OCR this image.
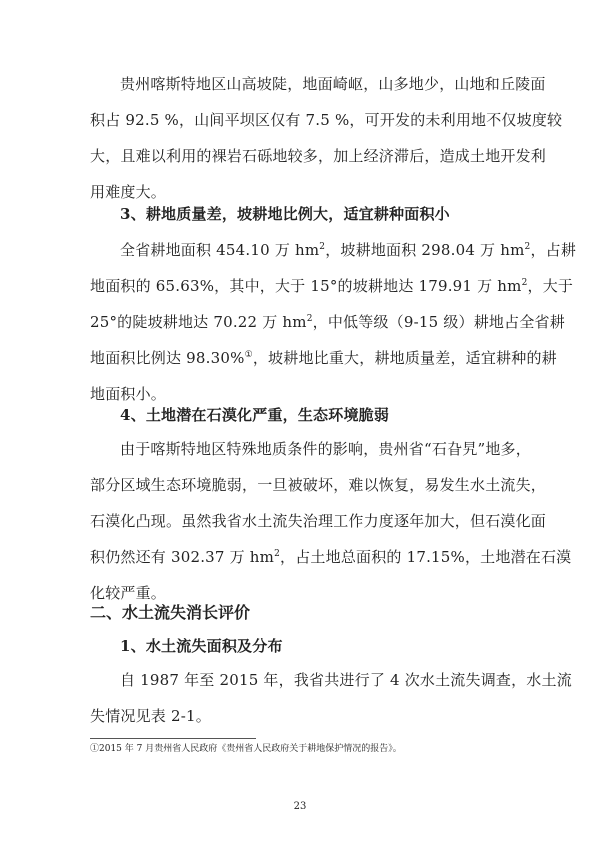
贵州喀斯特地区山高坡陡，地面崎岖，山多地少，山地和丘陵面
积占 92.5 %，山间平坝区仅有 7.5 %，可开发的未利用地不仅坡度较
大，且难以利用的裸岩石砾地较多，加上经济滞后，造成土地开发利
用难度大。
3、耕地质量差，坡耕地比例大，适宜耕种面积小
全省耕地面积 454.10 万 $hm^2$，坡耕地面积 298.04 万 $hm^2$，占耕
地面积的 65.63%，其中，大于 15°的坡耕地达 179.91 万 $hm^2$，大于
25°的陡坡耕地达 70.22 万 $hm^2$，中低等级（9-15 级）耕地占全省耕
地面积比例达 98.30%①，坡耕地比重大，耕地质量差，适宜耕种的耕
地面积小。
4、土地潜在石漠化严重，生态环境脆弱
由于喀斯特地区特殊地质条件的影响，贵州省“石旮旯”地多，
部分区域生态环境脆弱，一旦被破坏，难以恢复，易发生水土流失，
石漠化凸现。虽然我省水土流失治理工作力度逐年加大，但石漠化面
积仍然还有 302.37 万 $hm^2$，占土地总面积的 17.15%，土地潜在石漠
化较严重。
二、水土流失消长评价
1、水土流失面积及分布
自 1987 年至 2015 年，我省共进行了 4 次水土流失调查，水土流
失情况见表 2-1。
①2015 年 7 月贵州省人民政府《贵州省人民政府关于耕地保护情况的报告》。
23
